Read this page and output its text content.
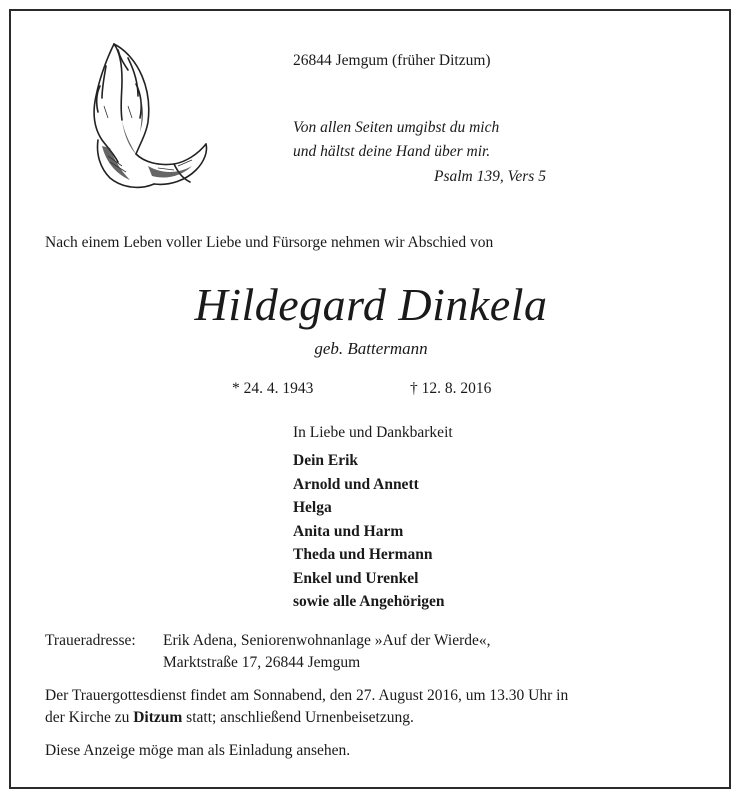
26844 Jemgum (früher Ditzum)
Von allen Seiten umgibst du mich
und hältst deine Hand über mir.
Psalm 139, Vers 5
Nach einem Leben voller Liebe und Fürsorge nehmen wir Abschied von
Hildegard Dinkela
geb. Battermann
* 24. 4. 1943	† 12. 8. 2016
In Liebe und Dankbarkeit
Dein Erik
Arnold und Annett
Helga
Anita und Harm
Theda und Hermann
Enkel und Urenkel
sowie alle Angehörigen
Traueradresse: Erik Adena, Seniorenwohnanlage »Auf der Wierde«,
Marktstraße 17, 26844 Jemgum
Der Trauergottesdienst findet am Sonnabend, den 27. August 2016, um 13.30 Uhr in
der Kirche zu Ditzum statt; anschließend Urnenbeisetzung.
Diese Anzeige möge man als Einladung ansehen.
